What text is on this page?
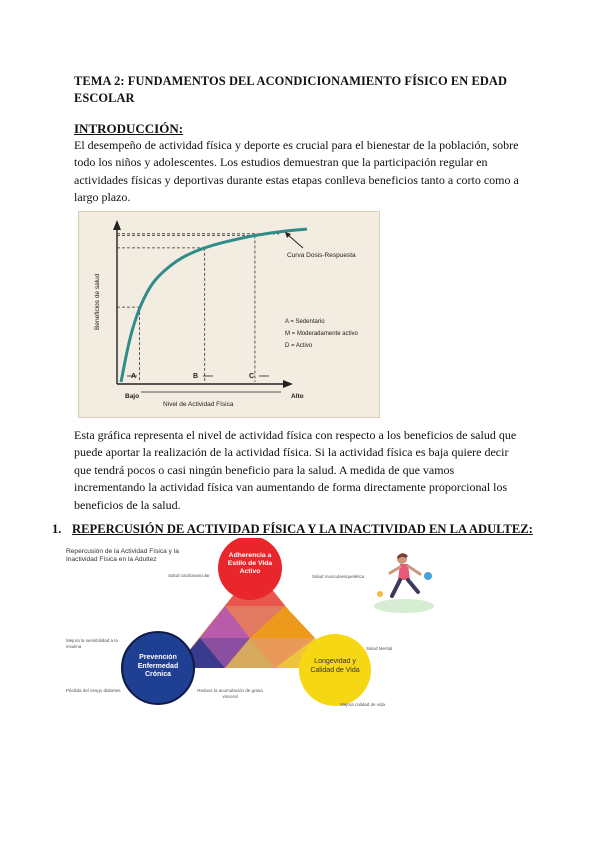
TEMA 2: FUNDAMENTOS DEL ACONDICIONAMIENTO FÍSICO EN EDAD ESCOLAR
INTRODUCCIÓN:
El desempeño de actividad física y deporte es crucial para el bienestar de la población, sobre todo los niños y adolescentes. Los estudios demuestran que la participación regular en actividades físicas y deportivas durante estas etapas conlleva beneficios tanto a corto como a largo plazo.
Curva Dosis-Respuesta
A	B	C
Bajo	Alto
Nivel de Actividad Física
Beneficios de salud	A = Sedentario
M = Moderadamente activo
D = Activo
Esta gráfica representa el nivel de actividad física con respecto a los beneficios de salud que puede aportar la realización de la actividad física. Si la actividad física es baja quiere decir que tendrá pocos o casi ningún beneficio para la salud. A medida de que vamos incrementando la actividad física van aumentando de forma directamente proporcional los beneficios de la salud.
1. REPERCUSIÓN DE ACTIVIDAD FÍSICA Y LA INACTIVIDAD EN LA ADULTEZ:
Repercusión de la Actividad Física y la Inactividad Física en la Adultez
Adherencia a Estilo de Vida Activo
Prevención Enfermedad Crónica
Longevidad y Calidad de Vida
Salud cardiovascular	Salud musculoesquelética
Salud Mental
Mejora la sensibilidad a la insulina
Pérdida del riesgo diabetes	Reduce la acumulación de grasa visceral
Mejora calidad de vida
